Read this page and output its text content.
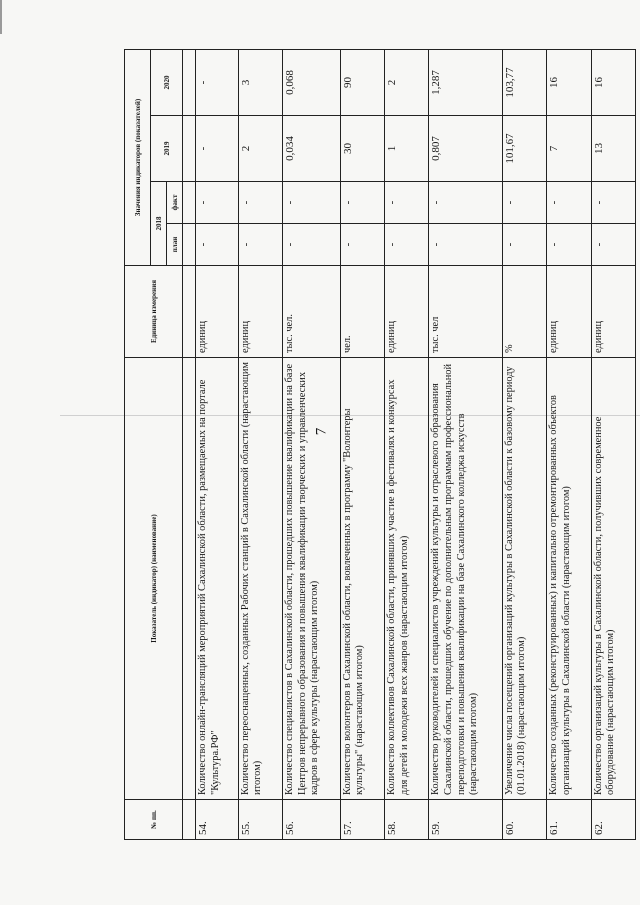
7
№ пп.	Показатель (индикатор) (наименование)	Единица измерения	Значения индикаторов (показателей)			
			2018		2019	2020
			план	факт		

54.	Количество онлайн-трансляций мероприятий Сахалинской области, размещаемых на портале "Культура.РФ"	единиц	-	-	-	-
55.	Количество переоснащенных, созданных Рабочих станций в Сахалинской области (нарастающим итогом)	единиц	-	-	2	3
56.	Количество специалистов в Сахалинской области, прошедших повышение квалификации на базе Центров непрерывного образования и повышения квалификации творческих и управленческих кадров в сфере культуры (нарастающим итогом)	тыс. чел.	-	-	0,034	0,068
57.	Количество волонтеров в Сахалинской области, вовлеченных в программу "Волонтеры культуры" (нарастающим итогом)	чел.	-	-	30	90
58.	Количество коллективов Сахалинской области, принявших участие в фестивалях и конкурсах для детей и молодежи всех жанров (нарастающим итогом)	единиц	-	-	1	2
59.	Количество руководителей и специалистов учреждений культуры и отраслевого образования Сахалинской области, прошедших обучение по дополнительным программам профессиональной переподготовки и повышения квалификации на базе Сахалинского колледжа искусств (нарастающим итогом)	тыс. чел	-	-	0,807	1,287
60.	Увеличение числа посещений организаций культуры в Сахалинской области к базовому периоду (01.01.2018) (нарастающим итогом)	%	-	-	101,67	103,77
61.	Количество созданных (реконструированных) и капитально отремонтированных объектов организаций культуры в Сахалинской области (нарастающим итогом)	единиц	-	-	7	16
62.	Количество организаций культуры в Сахалинской области, получивших современное оборудование (нарастающим итогом)	единиц	-	-	13	16
